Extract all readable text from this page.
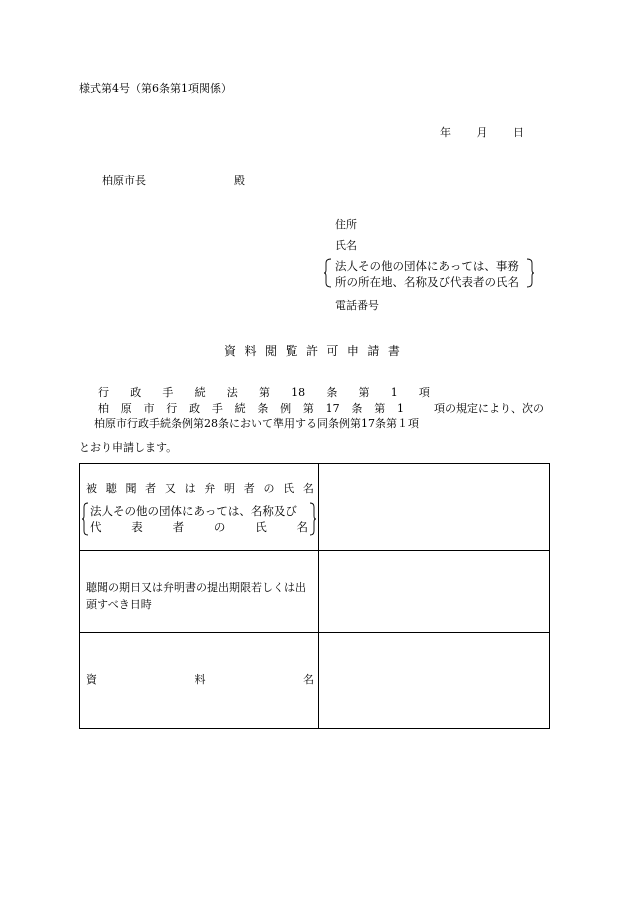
様式第4号（第6条第1項関係）
年 月 日
柏原市長	殿
住所
氏名
法人その他の団体にあっては、事務
所の所在地、名称及び代表者の氏名
電話番号
資 料 閲 覧 許 可 申 請 書
行 政 手 続 法 第 18 条 第 1 項
柏 原 市 行 政 手 続 条 例 第 17 条 第 1	項の規定により、次の
柏原市行政手続条例第28条において準用する同条例第17条第１項
とおり申請します。
被 聴 聞 者 又 は 弁 明 者 の 氏 名
法人その他の団体にあっては、名称及び
代	表	者	の	氏	名
聴聞の期日又は弁明書の提出期限若しくは出頭すべき日時
資	料	名
